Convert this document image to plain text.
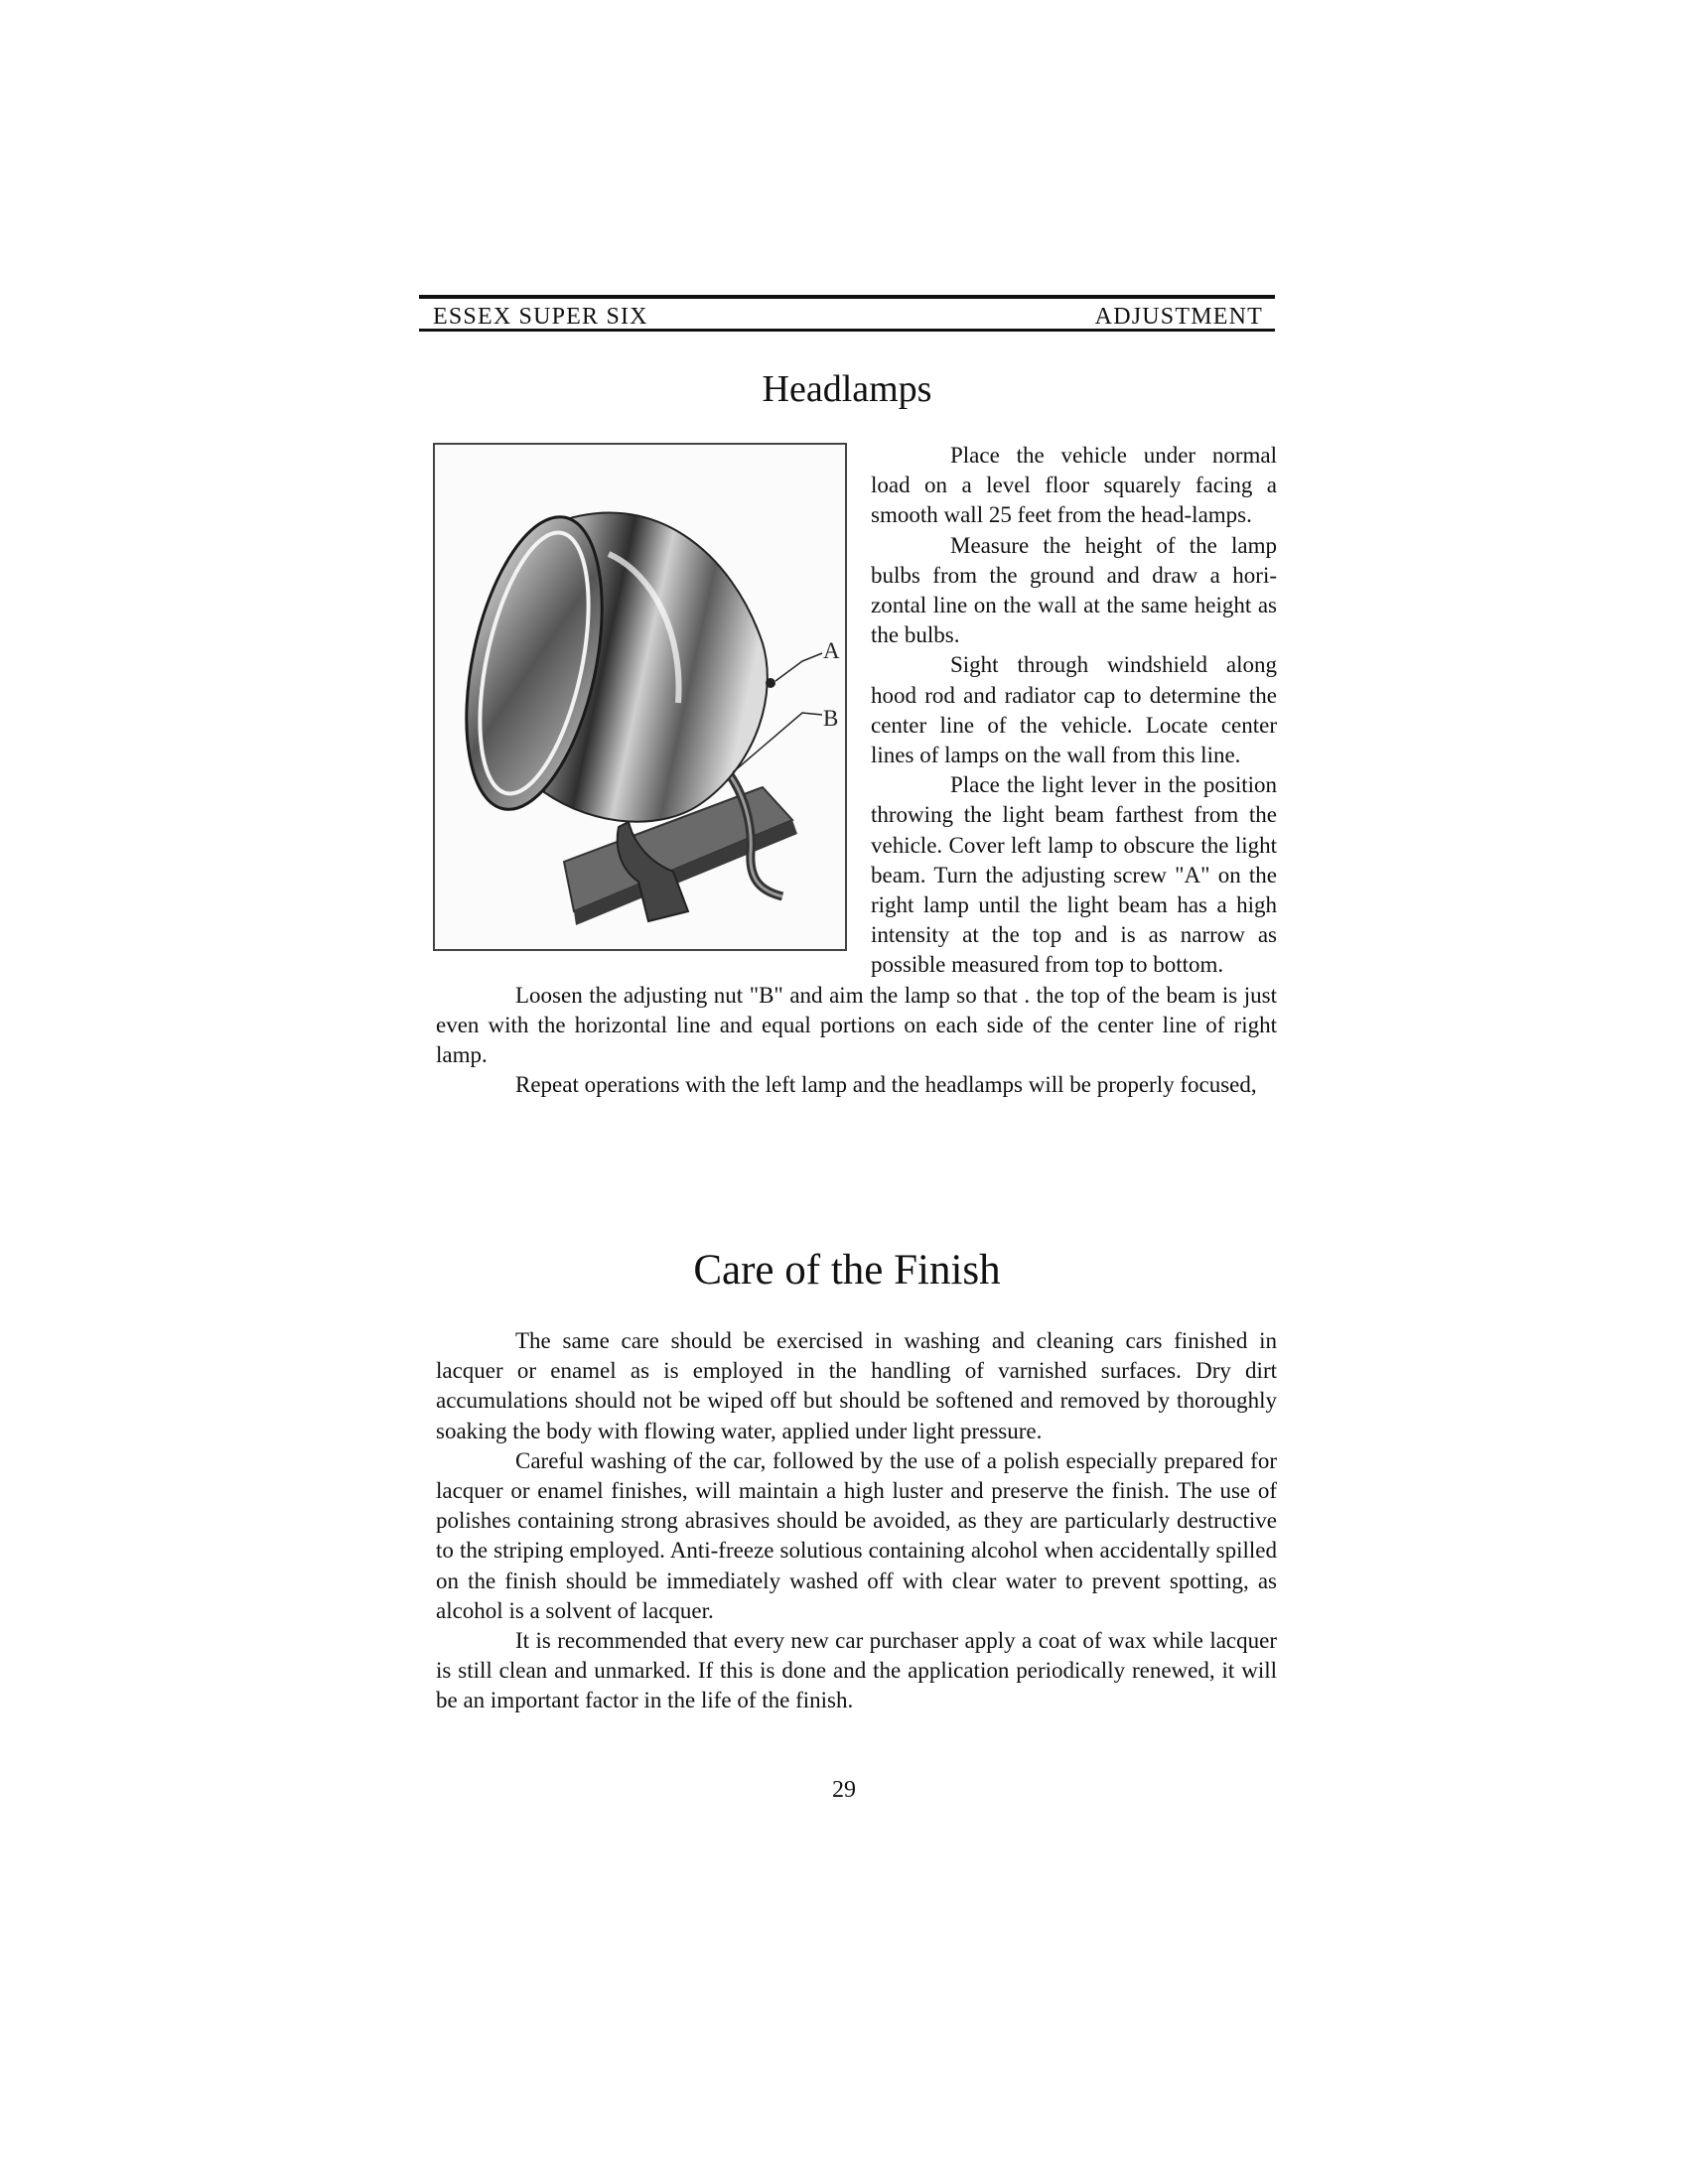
ESSEX SUPER SIX	ADJUSTMENT
Headlamps
A
B

Place the vehicle under normal load on a level floor squarely facing a smooth wall 25 feet from the head-lamps.

Measure the height of the lamp bulbs from the ground and draw a hori-zontal line on the wall at the same height as the bulbs.

Sight through windshield along hood rod and radiator cap to determine the center line of the vehicle. Locate center lines of lamps on the wall from this line.

Place the light lever in the position throwing the light beam farthest from the vehicle. Cover left lamp to obscure the light beam. Turn the adjusting screw "A" on the right lamp until the light beam has a high intensity at the top and is as narrow as possible measured from top to bottom.

Loosen the adjusting nut "B" and aim the lamp so that . the top of the beam is just even with the horizontal line and equal portions on each side of the center line of right lamp.

Repeat operations with the left lamp and the headlamps will be properly focused,

Care of the Finish

The same care should be exercised in washing and cleaning cars finished in lacquer or enamel as is employed in the handling of varnished surfaces. Dry dirt accumulations should not be wiped off but should be softened and removed by thoroughly soaking the body with flowing water, applied under light pressure.

Careful washing of the car, followed by the use of a polish especially prepared for lacquer or enamel finishes, will maintain a high luster and preserve the finish. The use of polishes containing strong abrasives should be avoided, as they are particularly destructive to the striping employed. Anti-freeze solutious containing alcohol when accidentally spilled on the finish should be immediately washed off with clear water to prevent spotting, as alcohol is a solvent of lacquer.

It is recommended that every new car purchaser apply a coat of wax while lacquer is still clean and unmarked. If this is done and the application periodically renewed, it will be an important factor in the life of the finish.

29
